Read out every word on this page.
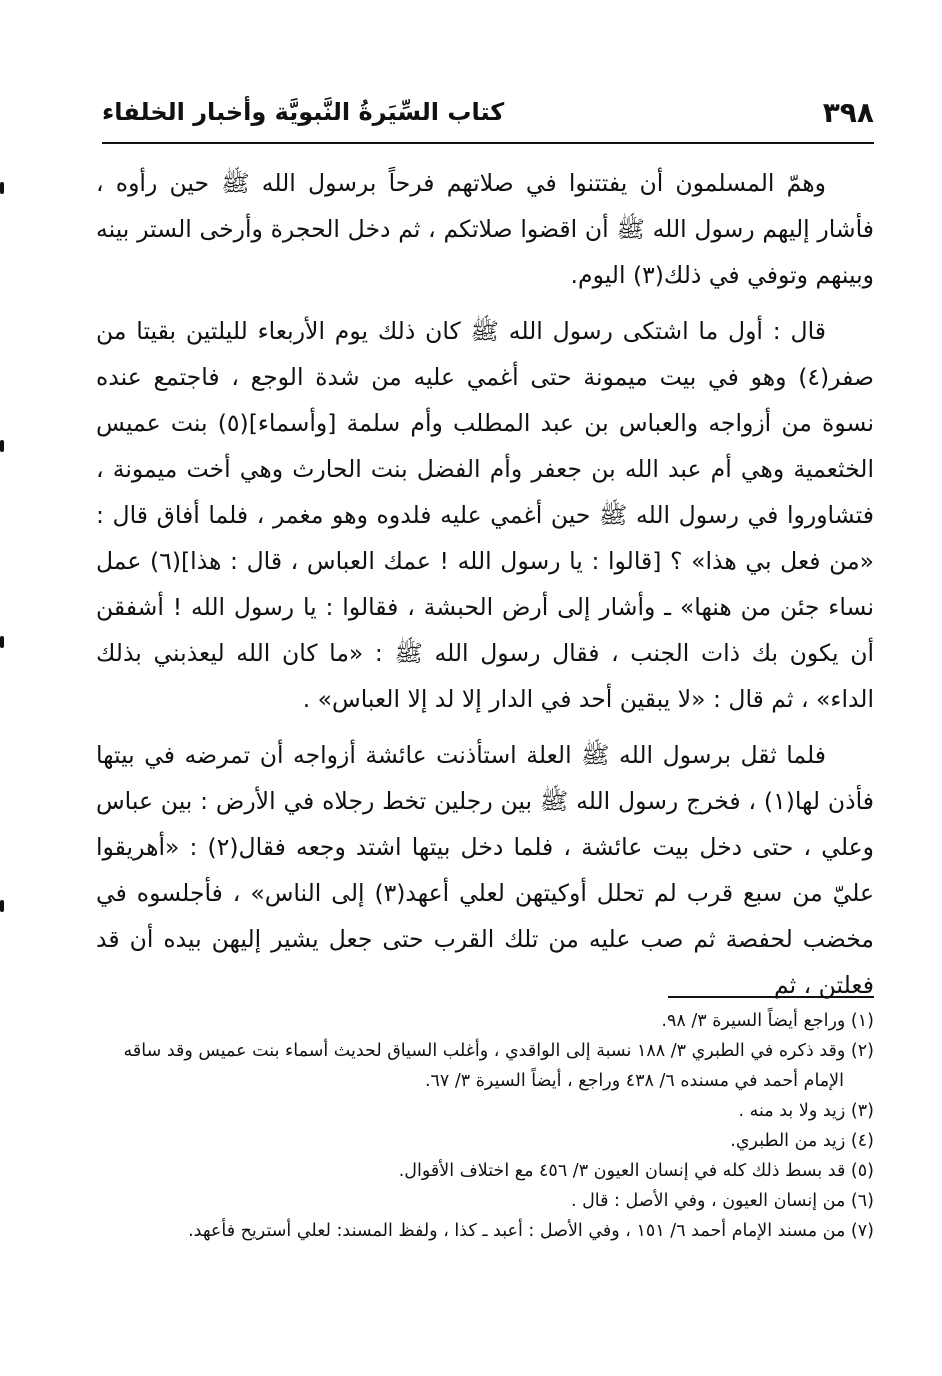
٣٩٨
كتاب السِّيَرةُ النَّبويَّة وأخبار الخلفاء

وهمّ المسلمون أن يفتتنوا في صلاتهم فرحاً برسول الله ﷺ حين رأوه ، فأشار إليهم رسول الله ﷺ أن اقضوا صلاتكم ، ثم دخل الحجرة وأرخى الستر بينه وبينهم وتوفي في ذلك(٣) اليوم.

قال : أول ما اشتكى رسول الله ﷺ كان ذلك يوم الأربعاء لليلتين بقيتا من صفر(٤) وهو في بيت ميمونة حتى أغمي عليه من شدة الوجع ، فاجتمع عنده نسوة من أزواجه والعباس بن عبد المطلب وأم سلمة [وأسماء](٥) بنت عميس الخثعمية وهي أم عبد الله بن جعفر وأم الفضل بنت الحارث وهي أخت ميمونة ، فتشاوروا في رسول الله ﷺ حين أغمي عليه فلدوه وهو مغمر ، فلما أفاق قال : «من فعل بي هذا» ؟ [قالوا : يا رسول الله ! عمك العباس ، قال : هذا](٦) عمل نساء جئن من هنها» ـ وأشار إلى أرض الحبشة ، فقالوا : يا رسول الله ! أشفقن أن يكون بك ذات الجنب ، فقال رسول الله ﷺ : «ما كان الله ليعذبني بذلك الداء» ، ثم قال : «لا يبقين أحد في الدار إلا لد إلا العباس» .

فلما ثقل برسول الله ﷺ العلة استأذنت عائشة أزواجه أن تمرضه في بيتها فأذن لها(١) ، فخرج رسول الله ﷺ بين رجلين تخط رجلاه في الأرض : بين عباس وعلي ، حتى دخل بيت عائشة ، فلما دخل بيتها اشتد وجعه فقال(٢) : «أهريقوا عليّ من سبع قرب لم تحلل أوكيتهن لعلي أعهد(٣) إلى الناس» ، فأجلسوه في مخضب لحفصة ثم صب عليه من تلك القرب حتى جعل يشير إليهن بيده أن قد فعلتن ، ثم

(١) وراجع أيضاً السيرة ٣/ ٩٨.

(٢) وقد ذكره في الطبري ٣/ ١٨٨ نسبة إلى الواقدي ، وأغلب السياق لحديث أسماء بنت عميس وقد ساقه

الإمام أحمد في مسنده ٦/ ٤٣٨ وراجع ، أيضاً السيرة ٣/ ٦٧.

(٣) زيد ولا بد منه .

(٤) زيد من الطبري.

(٥) قد بسط ذلك كله في إنسان العيون ٣/ ٤٥٦ مع اختلاف الأقوال.

(٦) من إنسان العيون ، وفي الأصل : قال .

(٧) من مسند الإمام أحمد ٦/ ١٥١ ، وفي الأصل : أعبد ـ كذا ، ولفظ المسند: لعلي أستريح فأعهد.
